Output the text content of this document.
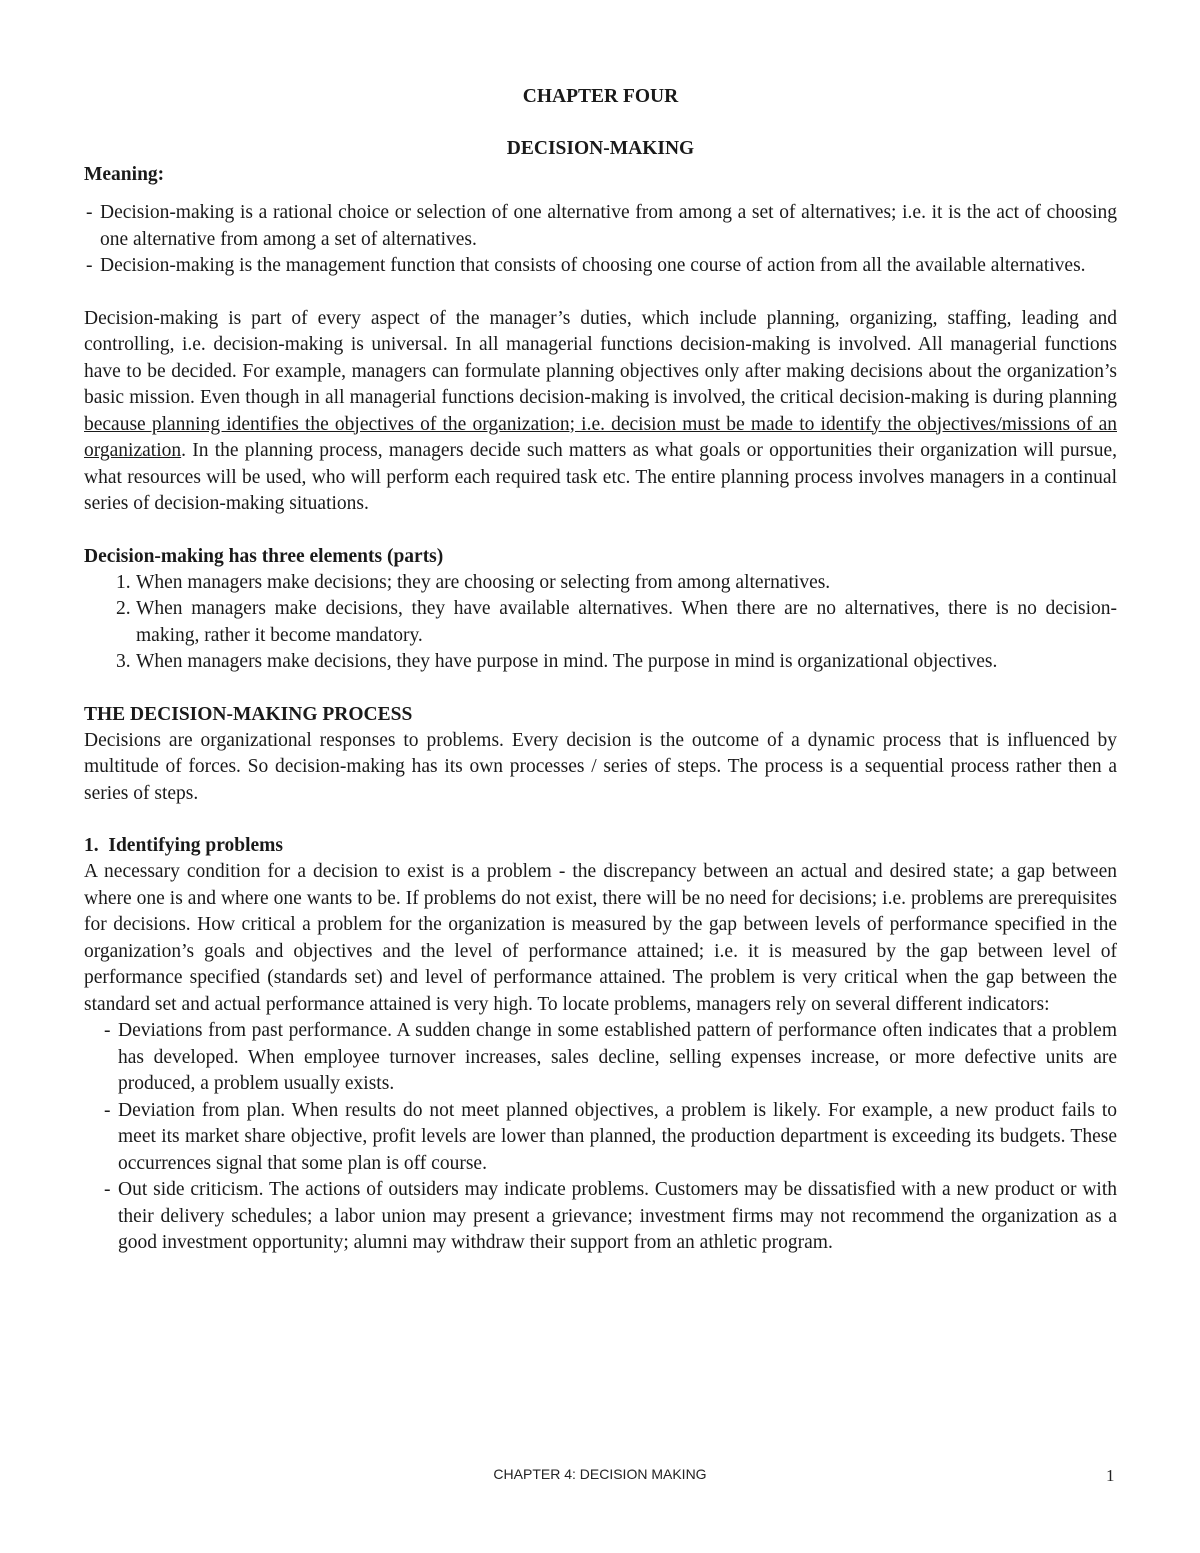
CHAPTER FOUR
DECISION-MAKING
Meaning:
- Decision-making is a rational choice or selection of one alternative from among a set of alternatives; i.e. it is the act of choosing one alternative from among a set of alternatives.
- Decision-making is the management function that consists of choosing one course of action from all the available alternatives.

Decision-making is part of every aspect of the manager’s duties, which include planning, organizing, staffing, leading and controlling, i.e. decision-making is universal. In all managerial functions decision-making is involved. All managerial functions have to be decided. For example, managers can formulate planning objectives only after making decisions about the organization’s basic mission. Even though in all managerial functions decision-making is involved, the critical decision-making is during planning because planning identifies the objectives of the organization; i.e. decision must be made to identify the objectives/missions of an organization. In the planning process, managers decide such matters as what goals or opportunities their organization will pursue, what resources will be used, who will perform each required task etc. The entire planning process involves managers in a continual series of decision-making situations.

Decision-making has three elements (parts)
1. When managers make decisions; they are choosing or selecting from among alternatives.
2. When managers make decisions, they have available alternatives. When there are no alternatives, there is no decision-making, rather it become mandatory.
3. When managers make decisions, they have purpose in mind. The purpose in mind is organizational objectives.
THE DECISION-MAKING PROCESS

Decisions are organizational responses to problems. Every decision is the outcome of a dynamic process that is influenced by multitude of forces. So decision-making has its own processes / series of steps. The process is a sequential process rather then a series of steps.

1.  Identifying problems

A necessary condition for a decision to exist is a problem - the discrepancy between an actual and desired state; a gap between where one is and where one wants to be. If problems do not exist, there will be no need for decisions; i.e. problems are prerequisites for decisions. How critical a problem for the organization is measured by the gap between levels of performance specified in the organization’s goals and objectives and the level of performance attained; i.e. it is measured by the gap between level of performance specified (standards set) and level of performance attained. The problem is very critical when the gap between the standard set and actual performance attained is very high. To locate problems, managers rely on several different indicators:

- Deviations from past performance. A sudden change in some established pattern of performance often indicates that a problem has developed. When employee turnover increases, sales decline, selling expenses increase, or more defective units are produced, a problem usually exists.
- Deviation from plan. When results do not meet planned objectives, a problem is likely. For example, a new product fails to meet its market share objective, profit levels are lower than planned, the production department is exceeding its budgets. These occurrences signal that some plan is off course.
- Out side criticism. The actions of outsiders may indicate problems. Customers may be dissatisfied with a new product or with their delivery schedules; a labor union may present a grievance; investment firms may not recommend the organization as a good investment opportunity; alumni may withdraw their support from an athletic program.
CHAPTER 4: DECISION MAKING	1
